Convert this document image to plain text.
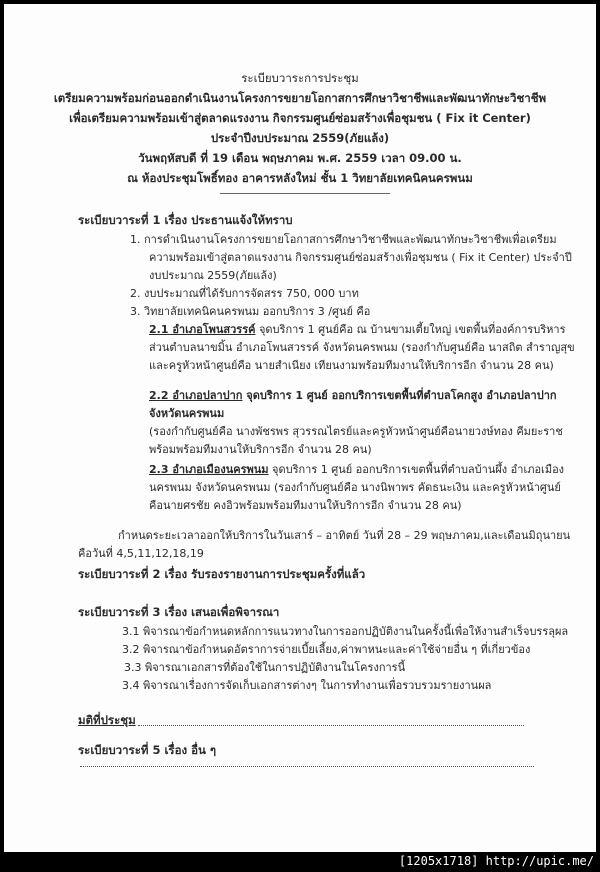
ระเบียบวาระการประชุม
เตรียมความพร้อมก่อนออกดำเนินงานโครงการขยายโอกาสการศึกษาวิชาชีพและพัฒนาทักษะวิชาชีพ
เพื่อเตรียมความพร้อมเข้าสู่ตลาดแรงงาน กิจกรรมศูนย์ซ่อมสร้างเพื่อชุมชน ( Fix it Center)
ประจำปีงบประมาณ 2559(ภัยแล้ง)
วันพฤหัสบดี ที่ 19 เดือน พฤษภาคม พ.ศ. 2559 เวลา 09.00 น.
ณ ห้องประชุมโพธิ์ทอง อาคารหลังใหม่ ชั้น 1 วิทยาลัยเทคนิคนครพนม
ระเบียบวาระที่ 1 เรื่อง ประธานแจ้งให้ทราบ
1. การดำเนินงานโครงการขยายโอกาสการศึกษาวิชาชีพและพัฒนาทักษะวิชาชีพเพื่อเตรียม
ความพร้อมเข้าสู่ตลาดแรงงาน กิจกรรมศูนย์ซ่อมสร้างเพื่อชุมชน ( Fix it Center) ประจำปี
งบประมาณ 2559(ภัยแล้ง)
2. งบประมาณที่ได้รับการจัดสรร 750, 000 บาท
3. วิทยาลัยเทคนิคนครพนม ออกบริการ 3 /ศูนย์ คือ
2.1 อำเภอโพนสวรรค์ จุดบริการ 1 ศูนย์คือ ณ บ้านขามเตี้ยใหญ่ เขตพื้นที่องค์การบริหาร
ส่วนตำบลนาขมิ้น อำเภอโพนสวรรค์ จังหวัดนครพนม (รองกำกับศูนย์คือ นาสถิต สำราญสุข
และครูหัวหน้าศูนย์คือ นายสำเนียง เทียนงามพร้อมทีมงานให้บริการอีก จำนวน 28 คน)
2.2 อำเภอปลาปาก จุดบริการ 1 ศูนย์ ออกบริการเขตพื้นที่ตำบลโคกสูง อำเภอปลาปาก
จังหวัดนครพนม
(รองกำกับศูนย์คือ นางพัชรพร สุวรรณไตรย์และครูหัวหน้าศูนย์คือนายวงษ์ทอง คีมยะราช
พร้อมพร้อมทีมงานให้บริการอีก จำนวน 28 คน)
2.3 อำเภอเมืองนครพนม จุดบริการ 1 ศูนย์ ออกบริการเขตพื้นที่ตำบลบ้านผึ้ง อำเภอเมือง
นครพนม จังหวัดนครพนม (รองกำกับศูนย์คือ นางนิพาพร คัดธนะเงิน และครูหัวหน้าศูนย์
คือนายศรชัย คงอิวพร้อมพร้อมทีมงานให้บริการอีก จำนวน 28 คน)
กำหนดระยะเวลาออกให้บริการในวันเสาร์ – อาทิตย์ วันที่ 28 – 29 พฤษภาคม,และเดือนมิถุนายน
คือวันที่ 4,5,11,12,18,19
ระเบียบวาระที่ 2 เรื่อง รับรองรายงานการประชุมครั้งที่แล้ว
ระเบียบวาระที่ 3 เรื่อง เสนอเพื่อพิจารณา
3.1 พิจารณาข้อกำหนดหลักการแนวทางในการออกปฏิบัติงานในครั้งนี้เพื่อให้งานสำเร็จบรรลุผล
3.2 พิจารณาข้อกำหนดอัตราการจ่ายเบี้ยเลี้ยง,ค่าพาหนะและค่าใช้จ่ายอื่น ๆ ที่เกี่ยวข้อง
3.3 พิจารณาเอกสารที่ต้องใช้ในการปฏิบัติงานในโครงการนี้
3.4 พิจารณาเรื่องการจัดเก็บเอกสารต่างๆ ในการทำงานเพื่อรวบรวมรายงานผล
มติที่ประชุม
ระเบียบวาระที่ 5 เรื่อง อื่น ๆ
[1205x1718] http://upic.me/
